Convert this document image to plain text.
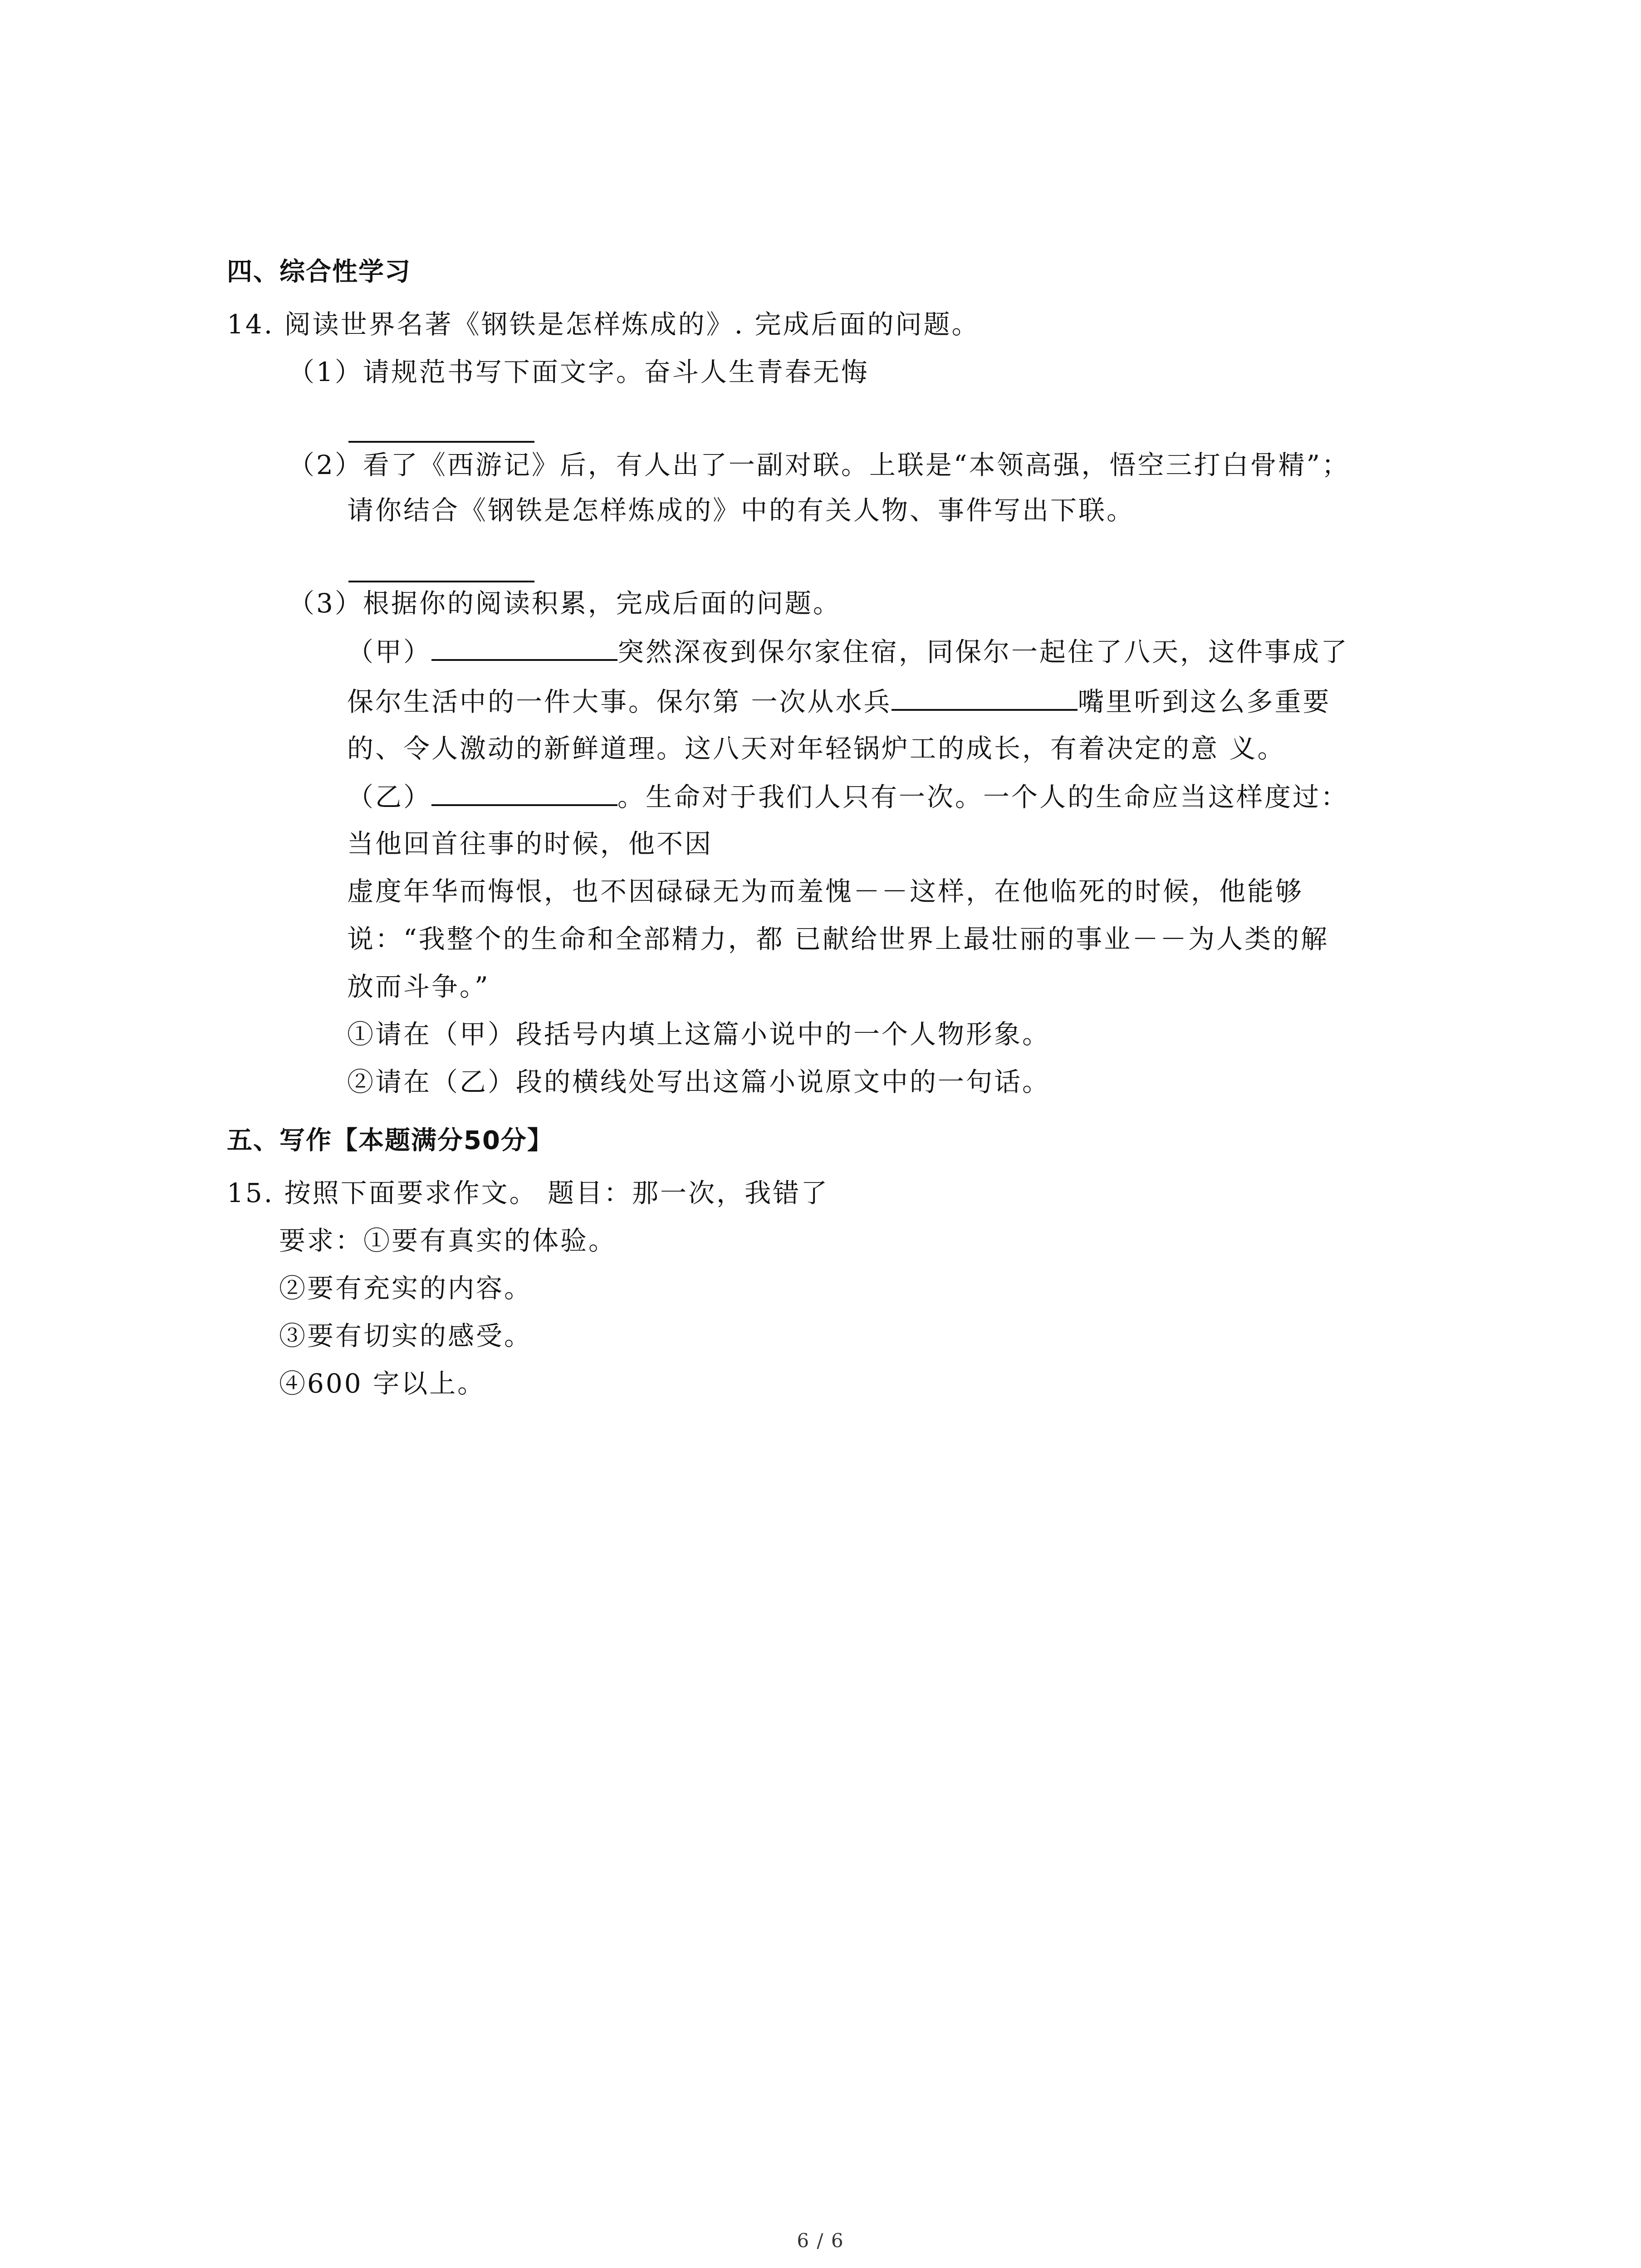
四、综合性学习
14. 阅读世界名著《钢铁是怎样炼成的》. 完成后面的问题。
（1）请规范书写下面文字。奋斗人生青春无悔
（2）看了《西游记》后，有人出了一副对联。上联是“本领高强，悟空三打白骨精”；
请你结合《钢铁是怎样炼成的》中的有关人物、事件写出下联。
（3）根据你的阅读积累，完成后面的问题。
（甲）	突然深夜到保尔家住宿，同保尔一起住了八天，这件事成了
保尔生活中的一件大事。保尔第 一次从水兵	嘴里听到这么多重要
的、令人激动的新鲜道理。这八天对年轻锅炉工的成长，有着决定的意 义。
（乙）	。生命对于我们人只有一次。一个人的生命应当这样度过：
当他回首往事的时候，他不因
虚度年华而悔恨，也不因碌碌无为而羞愧－－这样，在他临死的时候，他能够
说：“我整个的生命和全部精力，都 已献给世界上最壮丽的事业－－为人类的解
放而斗争。”
①请在（甲）段括号内填上这篇小说中的一个人物形象。
②请在（乙）段的横线处写出这篇小说原文中的一句话。
五、写作【本题满分50分】
15. 按照下面要求作文。 题目：那一次，我错了
要求：①要有真实的体验。
②要有充实的内容。
③要有切实的感受。
④600 字以上。
6 / 6
